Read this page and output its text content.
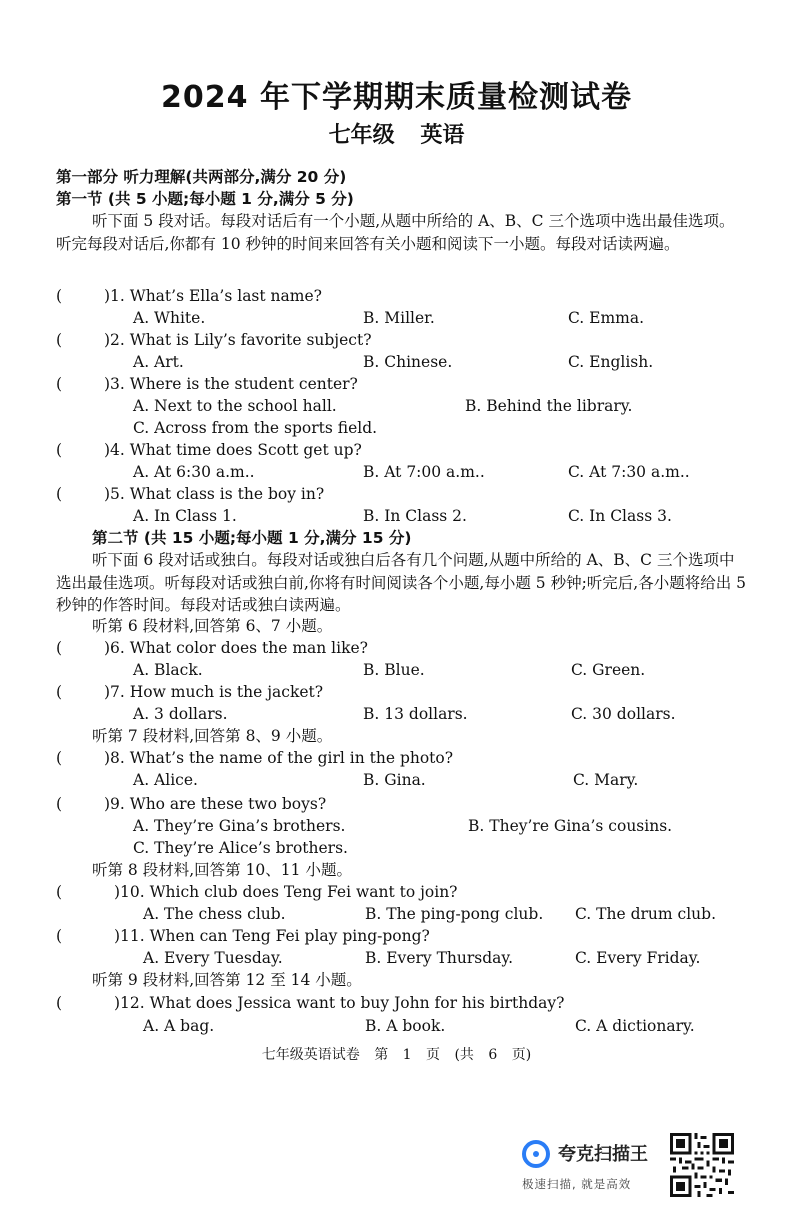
2024 年下学期期末质量检测试卷
七年级 英语
第一部分 听力理解(共两部分,满分 20 分)
第一节 (共 5 小题;每小题 1 分,满分 5 分)
听下面 5 段对话。每段对话后有一个小题,从题中所给的 A、B、C 三个选项中选出最佳选项。听完每段对话后,你都有 10 秒钟的时间来回答有关小题和阅读下一小题。每段对话读两遍。
(	)1. What’s Ella’s last name?
A. White.	B. Miller.	C. Emma.
(	)2. What is Lily’s favorite subject?
A. Art.	B. Chinese.	C. English.
(	)3. Where is the student center?
A. Next to the school hall.	B. Behind the library.
C. Across from the sports field.
(	)4. What time does Scott get up?
A. At 6:30 a.m..	B. At 7:00 a.m..	C. At 7:30 a.m..
(	)5. What class is the boy in?
A. In Class 1.	B. In Class 2.	C. In Class 3.
第二节 (共 15 小题;每小题 1 分,满分 15 分)
听下面 6 段对话或独白。每段对话或独白后各有几个问题,从题中所给的 A、B、C 三个选项中选出最佳选项。听每段对话或独白前,你将有时间阅读各个小题,每小题 5 秒钟;听完后,各小题将给出 5 秒钟的作答时间。每段对话或独白读两遍。
听第 6 段材料,回答第 6、7 小题。
(	)6. What color does the man like?
A. Black.	B. Blue.	C. Green.
(	)7. How much is the jacket?
A. 3 dollars.	B. 13 dollars.	C. 30 dollars.
听第 7 段材料,回答第 8、9 小题。
(	)8. What’s the name of the girl in the photo?
A. Alice.	B. Gina.	C. Mary.
(	)9. Who are these two boys?
A. They’re Gina’s brothers.	B. They’re Gina’s cousins.
C. They’re Alice’s brothers.
听第 8 段材料,回答第 10、11 小题。
(	)10. Which club does Teng Fei want to join?
A. The chess club.	B. The ping-pong club. C. The drum club.
(	)11. When can Teng Fei play ping-pong?
A. Every Tuesday.	B. Every Thursday.	C. Every Friday.
听第 9 段材料,回答第 12 至 14 小题。
(	)12. What does Jessica want to buy John for his birthday?
A. A bag.	B. A book.	C. A dictionary.
七年级英语试卷 第 1 页 (共 6 页)
夸克扫描王
极速扫描, 就是高效
